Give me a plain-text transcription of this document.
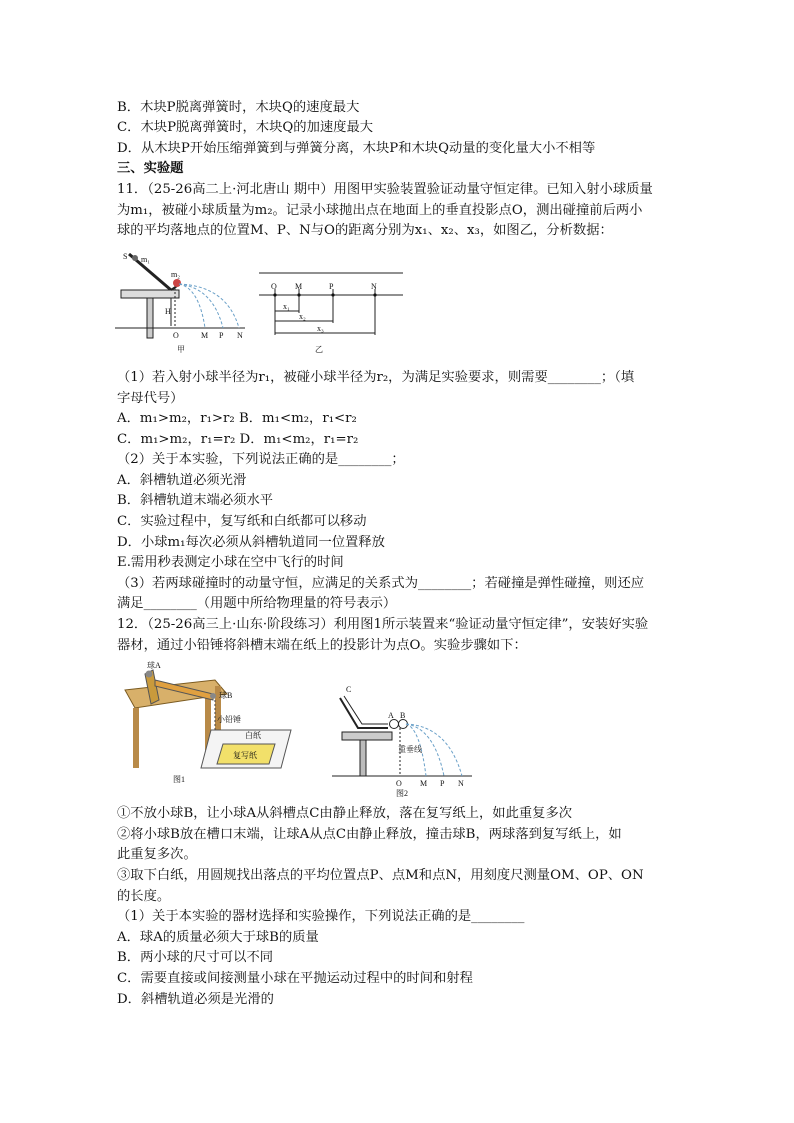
B．木块P脱离弹簧时，木块Q的速度最大
C．木块P脱离弹簧时，木块Q的加速度最大
D．从木块P开始压缩弹簧到与弹簧分离，木块P和木块Q动量的变化量大小不相等
三、实验题
11．（25-26高二上·河北唐山 期中）用图甲实验装置验证动量守恒定律。已知入射小球质量
为m₁，被碰小球质量为m₂。记录小球抛出点在地面上的垂直投影点O，测出碰撞前后两小
球的平均落地点的位置M、P、N与O的距离分别为x₁、x₂、x₃，如图乙，分析数据：
S m₁
m₂
H
O	M P N
甲
O M	P	N
x₁
x₂
x₃
乙
（1）若入射小球半径为r₁，被碰小球半径为r₂，为满足实验要求，则需要________；（填
字母代号）
A．m₁>m₂，r₁>r₂ B．m₁<m₂，r₁<r₂
C．m₁>m₂，r₁=r₂ D．m₁<m₂，r₁=r₂
（2）关于本实验，下列说法正确的是________；
A．斜槽轨道必须光滑
B．斜槽轨道末端必须水平
C．实验过程中，复写纸和白纸都可以移动
D．小球m₁每次必须从斜槽轨道同一位置释放
E.需用秒表测定小球在空中飞行的时间
（3）若两球碰撞时的动量守恒，应满足的关系式为________；若碰撞是弹性碰撞，则还应
满足________（用题中所给物理量的符号表示）
12．（25-26高三上·山东·阶段练习）利用图1所示装置来“验证动量守恒定律”，安装好实验
器材，通过小铅锤将斜槽末端在纸上的投影计为点O。实验步骤如下：
球A
球B
小铅锤
白纸
复写纸
图1
C
A B
重垂线
O M P N
图2
①不放小球B，让小球A从斜槽点C由静止释放，落在复写纸上，如此重复多次
②将小球B放在槽口末端，让球A从点C由静止释放，撞击球B，两球落到复写纸上，如
此重复多次。
③取下白纸，用圆规找出落点的平均位置点P、点M和点N，用刻度尺测量OM、OP、ON
的长度。
（1）关于本实验的器材选择和实验操作，下列说法正确的是________
A．球A的质量必须大于球B的质量
B．两小球的尺寸可以不同
C．需要直接或间接测量小球在平抛运动过程中的时间和射程
D．斜槽轨道必须是光滑的
